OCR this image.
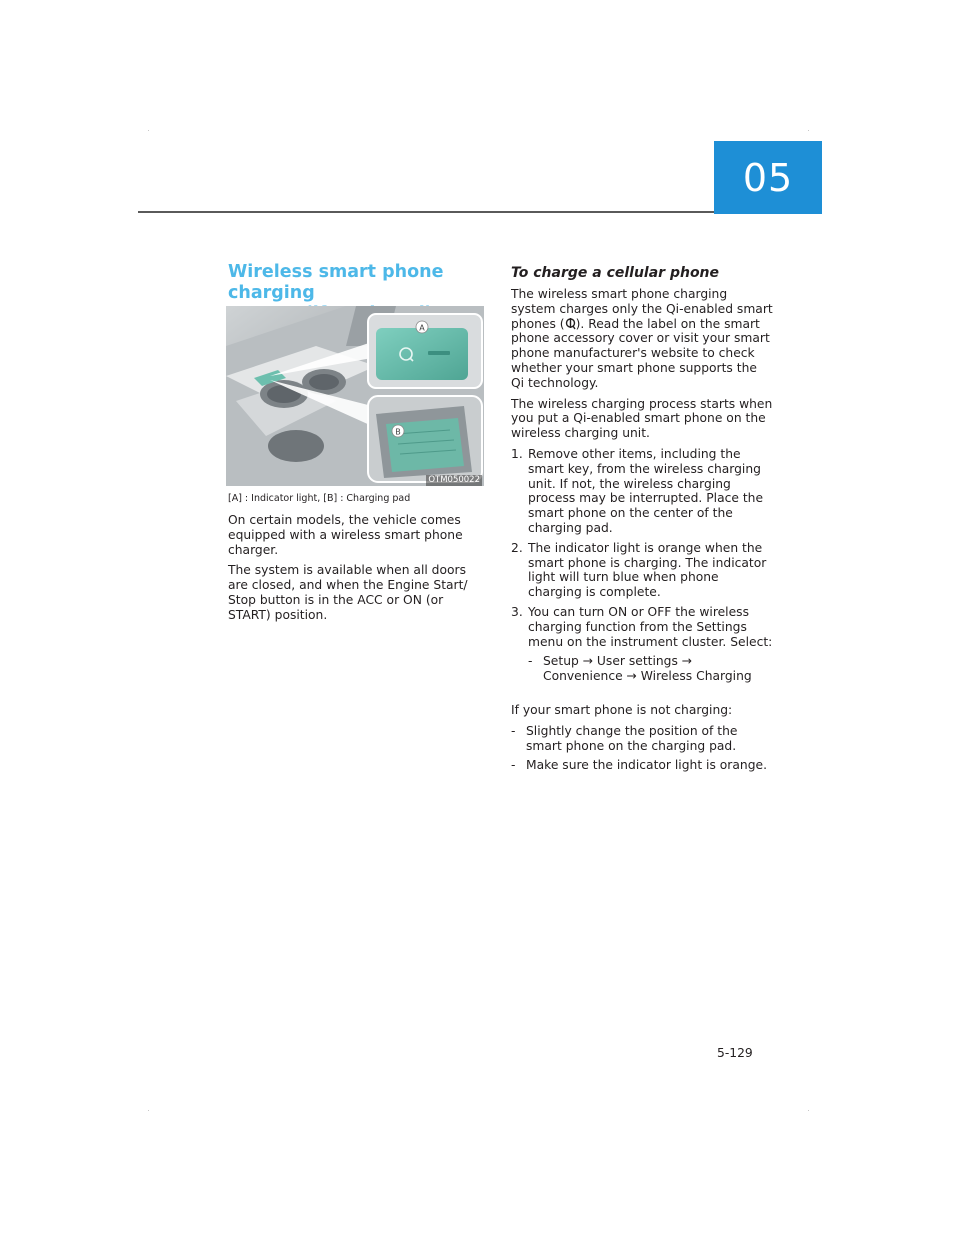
05
Wireless smart phone charging
A
B
OTM050022
[A] : Indicator light, [B] : Charging pad

On certain models, the vehicle comes equipped with a wireless smart phone charger.

The system is available when all doors are closed, and when the Engine Start/ Stop button is in the ACC or ON (or START) position.

To charge a cellular phone

The wireless smart phone charging system charges only the Qi-enabled smart phones ( ). Read the label on the smart phone accessory cover or visit your smart phone manufacturer's website to check whether your smart phone supports the Qi technology.

The wireless charging process starts when you put a Qi-enabled smart phone on the wireless charging unit.

1. Remove other items, including the smart key, from the wireless charging unit. If not, the wireless charging process may be interrupted. Place the smart phone on the center of the charging pad.
2. The indicator light is orange when the smart phone is charging. The indicator light will turn blue when phone charging is complete.
3. You can turn ON or OFF the wireless charging function from the Settings menu on the instrument cluster. Select:
- Setup → User settings → Convenience → Wireless Charging

If your smart phone is not charging:

- Slightly change the position of the smart phone on the charging pad.
- Make sure the indicator light is orange.
5-129
